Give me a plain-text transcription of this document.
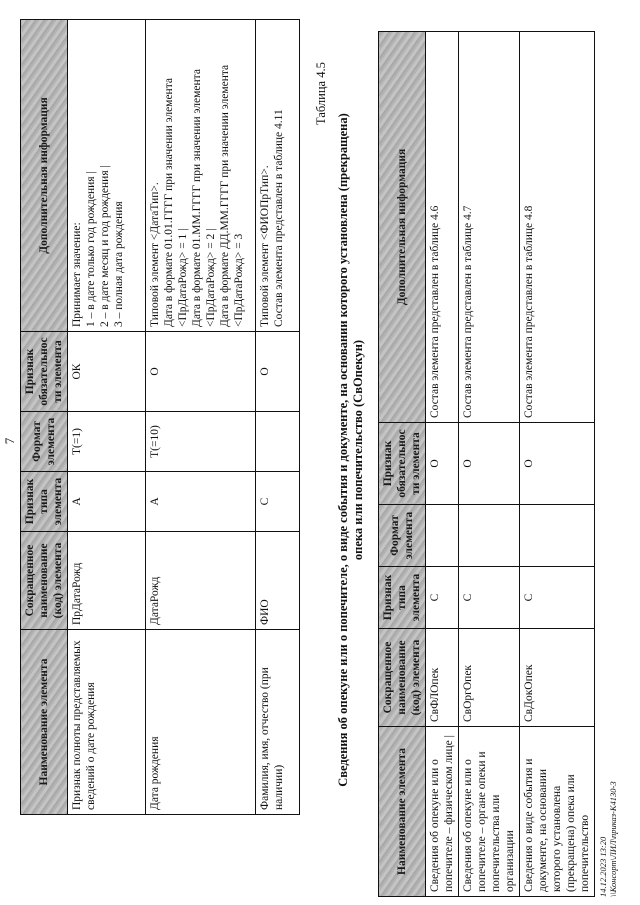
7
Наименование элемента	Сокращенное наименование (код) элемента	Признак типа элемента	Формат элемента	Признак обязательности элемента	Дополнительная информация
Признак полноты представляемых сведений о дате рождения	ПрДатаРожд	А	Т(=1)	ОК	Принимает значение: 1 – в дате только год рождения | 2 – в дате месяц и год рождения | 3 – полная дата рождения

Дата рождения	ДатаРожд	А	Т(=10)	О	Типовой элемент <ДатаТип>. Дата в формате 01.01.ГГГГ при значении элемента <ПрДатаРожд> = 1 | Дата в формате 01.ММ.ГГГГ при значении элемента <ПрДатаРожд> = 2 | Дата в формате ДД.ММ.ГГГГ при значении элемента <ПрДатаРожд> = 3

Фамилия, имя, отчество (при наличии)	ФИО	С		О	Типовой элемент <ФИОПрТип>. Состав элемента представлен в таблице 4.11
Таблица 4.5
Сведения об опекуне или о попечителе, о виде события и документе, на основании которого установлена (прекращена) опека или попечительство (СвОпекун)
Наименование элемента	Сокращенное наименование (код) элемента	Признак типа элемента	Формат элемента	Признак обязательности элемента	Дополнительная информация
Сведения об опекуне или о попечителе – физическом лице |	СвФЛОпек	С		О	Состав элемента представлен в таблице 4.6
Сведения об опекуне или о попечителе – органе опеки и попечительства или организации	СвОргОпек	С		О	Состав элемента представлен в таблице 4.7
Сведения о виде события и документе, на основании которого установлена (прекращена) опека или попечительство	СвДокОпек	С		О	Состав элемента представлен в таблице 4.8
14.12.2023 13:20 \\Консорт\ЛИЛ\приказ-К4130-3
